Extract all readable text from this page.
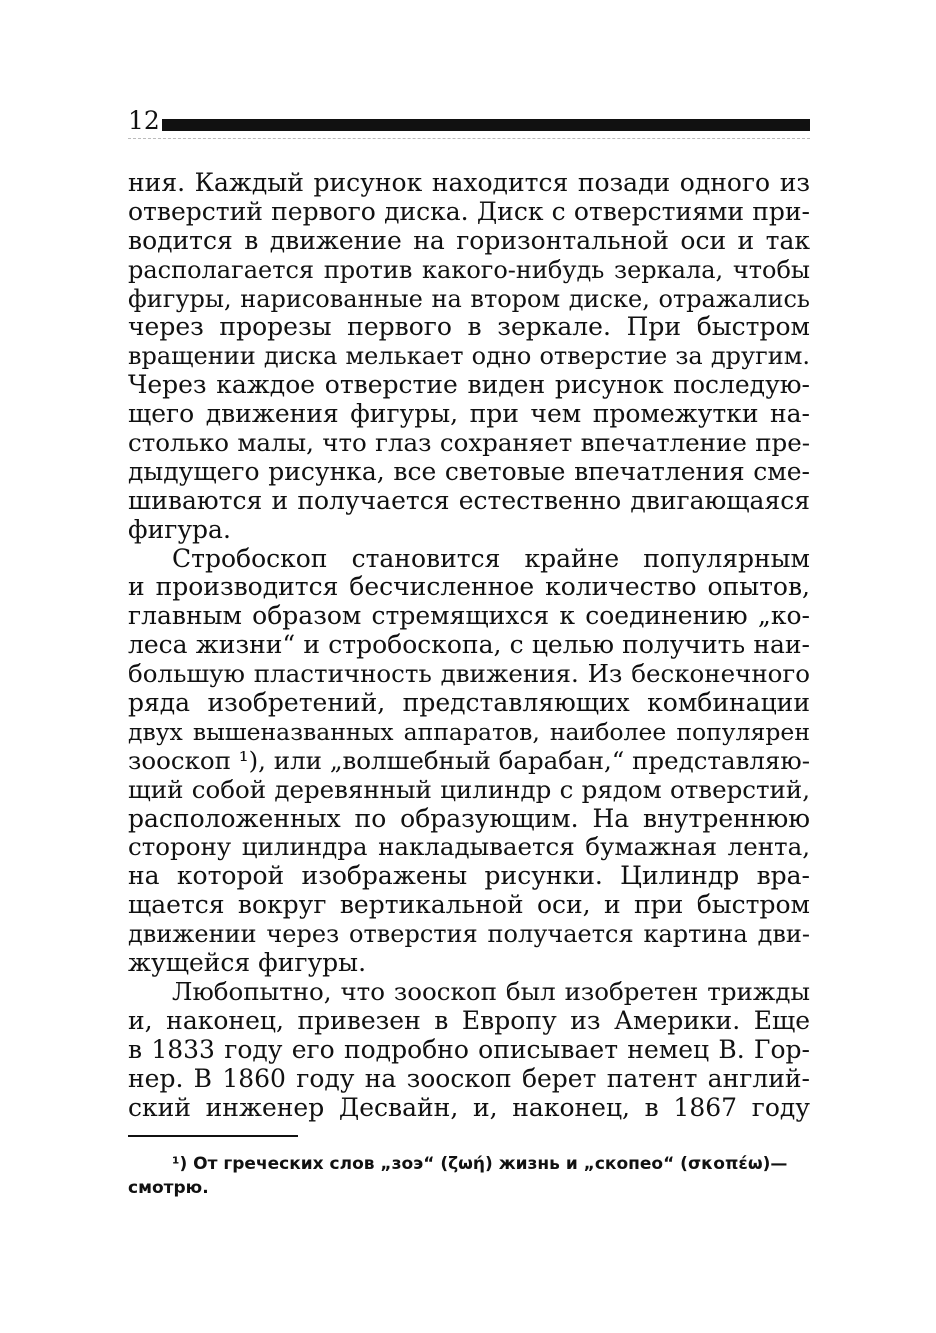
12
ния. Каждый рисунок находится позади одного из
отверстий первого диска. Диск с отверстиями при-
водится в движение на горизонтальной оси и так
располагается против какого-нибудь зеркала, чтобы
фигуры, нарисованные на втором диске, отражались
через прорезы первого в зеркале. При быстром
вращении диска мелькает одно отверстие за другим.
Через каждое отверстие виден рисунок последую-
щего движения фигуры, при чем промежутки на-
столько малы, что глаз сохраняет впечатление пре-
дыдущего рисунка, все световые впечатления сме-
шиваются и получается естественно двигающаяся
фигура.
Стробоскоп становится крайне популярным
и производится бесчисленное количество опытов,
главным образом стремящихся к соединению „ко-
леса жизни“ и стробоскопа, с целью получить наи-
большую пластичность движения. Из бесконечного
ряда изобретений, представляющих комбинации
двух вышеназванных аппаратов, наиболее популярен
зооскоп ¹), или „волшебный барабан,“ представляю-
щий собой деревянный цилиндр с рядом отверстий,
расположенных по образующим. На внутреннюю
сторону цилиндра накладывается бумажная лента,
на которой изображены рисунки. Цилиндр вра-
щается вокруг вертикальной оси, и при быстром
движении через отверстия получается картина дви-
жущейся фигуры.
Любопытно, что зооскоп был изобретен трижды
и, наконец, привезен в Европу из Америки. Еще
в 1833 году его подробно описывает немец В. Гор-
нер. В 1860 году на зооскоп берет патент англий-
ский инженер Десвайн, и, наконец, в 1867 году
¹) От греческих слов „зоэ“ (ζωή) жизнь и „скопео“ (σκοπέω)—
смотрю.
